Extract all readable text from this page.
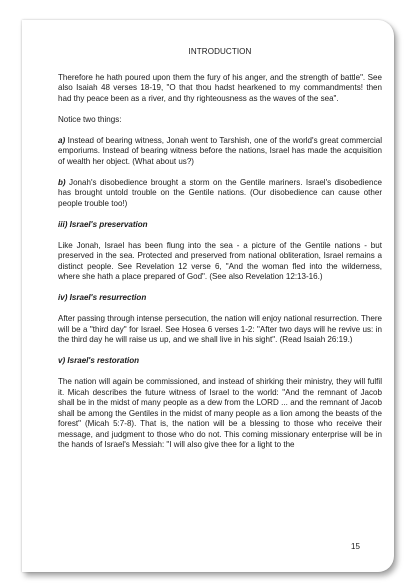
INTRODUCTION

Therefore he hath poured upon them the fury of his anger, and the strength of battle". See also Isaiah 48 verses 18-19, "O that thou hadst hearkened to my commandments! then had thy peace been as a river, and thy righteousness as the waves of the sea".

Notice two things:

a) Instead of bearing witness, Jonah went to Tarshish, one of the world's great commercial emporiums. Instead of bearing witness before the nations, Israel has made the acquisition of wealth her object. (What about us?)

b) Jonah's disobedience brought a storm on the Gentile mariners. Israel's disobedience has brought untold trouble on the Gentile nations. (Our disobedience can cause other people trouble too!)

iii) Israel's preservation

Like Jonah, Israel has been flung into the sea - a picture of the Gentile nations - but preserved in the sea. Protected and preserved from national obliteration, Israel remains a distinct people. See Revelation 12 verse 6, "And the woman fled into the wilderness, where she hath a place prepared of God". (See also Revelation 12:13-16.)

iv) Israel's resurrection

After passing through intense persecution, the nation will enjoy national resurrection. There will be a "third day" for Israel. See Hosea 6 verses 1-2: "After two days will he revive us: in the third day he will raise us up, and we shall live in his sight". (Read Isaiah 26:19.)

v) Israel's restoration

The nation will again be commissioned, and instead of shirking their ministry, they will fulfil it. Micah describes the future witness of Israel to the world: "And the remnant of Jacob shall be in the midst of many people as a dew from the LORD ... and the remnant of Jacob shall be among the Gentiles in the midst of many people as a lion among the beasts of the forest" (Micah 5:7-8). That is, the nation will be a blessing to those who receive their message, and judgment to those who do not. This coming missionary enterprise will be in the hands of Israel's Messiah: "I will also give thee for a light to the

15
